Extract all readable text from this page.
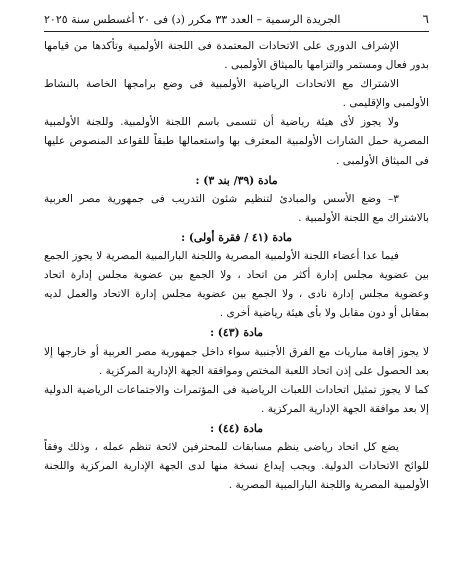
٦
الجريدة الرسمية – العدد ٣٣ مكرر (د) فى ٢٠ أغسطس سنة ٢٠٢٥

الإشراف الدورى على الاتحادات المعتمدة فى اللجنة الأولمبية وتأكدها من قيامها بدور فعال ومستمر والتزامها بالميثاق الأولمبى .

الاشتراك مع الاتحادات الرياضية الأولمبية فى وضع برامجها الخاصة بالنشاط الأولمبى والإقليمى .

ولا يجوز لأى هيئة رياضية أن تتسمى باسم اللجنة الأولمبية. وللجنة الأولمبية المصرية حمل الشارات الأولمبية المعترف بها واستعمالها طبقاً للقواعد المنصوص عليها فى الميثاق الأولمبى .

مادة (٣٩/ بند ٣) :

٣– وضع الأسس والمبادئ لتنظيم شئون التدريب فى جمهورية مصر العربية بالاشتراك مع اللجنة الأولمبية .

مادة (٤١ / فقرة أولى) :

فيما عدا أعضاء اللجنة الأولمبية المصرية واللجنة البارالمبية المصرية لا يجوز الجمع بين عضوية مجلس إدارة أكثر من اتحاد ، ولا الجمع بين عضوية مجلس إدارة اتحاد وعضوية مجلس إدارة نادى ، ولا الجمع بين عضوية مجلس إدارة الاتحاد والعمل لديه بمقابل أو دون مقابل ولا بأى هيئة رياضية أخرى .

مادة (٤٣) :

لا يجوز إقامة مباريات مع الفرق الأجنبية سواء داخل جمهورية مصر العربية أو خارجها إلا بعد الحصول على إذن اتحاد اللعبة المختص وموافقة الجهة الإدارية المركزية .

كما لا يجوز تمثيل اتحادات اللعبات الرياضية فى المؤتمرات والاجتماعات الرياضية الدولية إلا بعد موافقة الجهة الإدارية المركزية .

مادة (٤٤) :

يضع كل اتحاد رياضى ينظم مسابقات للمحترفين لائحة تنظم عمله ، وذلك وفقاً للوائح الاتحادات الدولية. ويجب إيداع نسخة منها لدى الجهة الإدارية المركزية واللجنة الأولمبية المصرية واللجنة البارالمبية المصرية .
